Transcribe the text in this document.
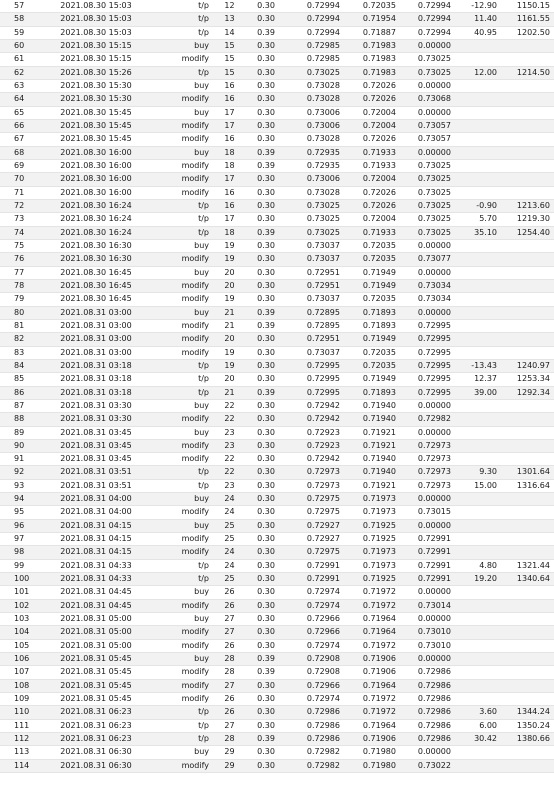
57	2021.08.30 15:03	t/p	12	0.30	0.72994	0.72035	0.72994	-12.90	1150.15
58	2021.08.30 15:03	t/p	13	0.30	0.72994	0.71954	0.72994	11.40	1161.55
59	2021.08.30 15:03	t/p	14	0.39	0.72994	0.71887	0.72994	40.95	1202.50
60	2021.08.30 15:15	buy	15	0.30	0.72985	0.71983	0.00000		
61	2021.08.30 15:15	modify	15	0.30	0.72985	0.71983	0.73025		
62	2021.08.30 15:26	t/p	15	0.30	0.73025	0.71983	0.73025	12.00	1214.50
63	2021.08.30 15:30	buy	16	0.30	0.73028	0.72026	0.00000		
64	2021.08.30 15:30	modify	16	0.30	0.73028	0.72026	0.73068		
65	2021.08.30 15:45	buy	17	0.30	0.73006	0.72004	0.00000		
66	2021.08.30 15:45	modify	17	0.30	0.73006	0.72004	0.73057		
67	2021.08.30 15:45	modify	16	0.30	0.73028	0.72026	0.73057		
68	2021.08.30 16:00	buy	18	0.39	0.72935	0.71933	0.00000		
69	2021.08.30 16:00	modify	18	0.39	0.72935	0.71933	0.73025		
70	2021.08.30 16:00	modify	17	0.30	0.73006	0.72004	0.73025		
71	2021.08.30 16:00	modify	16	0.30	0.73028	0.72026	0.73025		
72	2021.08.30 16:24	t/p	16	0.30	0.73025	0.72026	0.73025	-0.90	1213.60
73	2021.08.30 16:24	t/p	17	0.30	0.73025	0.72004	0.73025	5.70	1219.30
74	2021.08.30 16:24	t/p	18	0.39	0.73025	0.71933	0.73025	35.10	1254.40
75	2021.08.30 16:30	buy	19	0.30	0.73037	0.72035	0.00000		
76	2021.08.30 16:30	modify	19	0.30	0.73037	0.72035	0.73077		
77	2021.08.30 16:45	buy	20	0.30	0.72951	0.71949	0.00000		
78	2021.08.30 16:45	modify	20	0.30	0.72951	0.71949	0.73034		
79	2021.08.30 16:45	modify	19	0.30	0.73037	0.72035	0.73034		
80	2021.08.31 03:00	buy	21	0.39	0.72895	0.71893	0.00000		
81	2021.08.31 03:00	modify	21	0.39	0.72895	0.71893	0.72995		
82	2021.08.31 03:00	modify	20	0.30	0.72951	0.71949	0.72995		
83	2021.08.31 03:00	modify	19	0.30	0.73037	0.72035	0.72995		
84	2021.08.31 03:18	t/p	19	0.30	0.72995	0.72035	0.72995	-13.43	1240.97
85	2021.08.31 03:18	t/p	20	0.30	0.72995	0.71949	0.72995	12.37	1253.34
86	2021.08.31 03:18	t/p	21	0.39	0.72995	0.71893	0.72995	39.00	1292.34
87	2021.08.31 03:30	buy	22	0.30	0.72942	0.71940	0.00000		
88	2021.08.31 03:30	modify	22	0.30	0.72942	0.71940	0.72982		
89	2021.08.31 03:45	buy	23	0.30	0.72923	0.71921	0.00000		
90	2021.08.31 03:45	modify	23	0.30	0.72923	0.71921	0.72973		
91	2021.08.31 03:45	modify	22	0.30	0.72942	0.71940	0.72973		
92	2021.08.31 03:51	t/p	22	0.30	0.72973	0.71940	0.72973	9.30	1301.64
93	2021.08.31 03:51	t/p	23	0.30	0.72973	0.71921	0.72973	15.00	1316.64
94	2021.08.31 04:00	buy	24	0.30	0.72975	0.71973	0.00000		
95	2021.08.31 04:00	modify	24	0.30	0.72975	0.71973	0.73015		
96	2021.08.31 04:15	buy	25	0.30	0.72927	0.71925	0.00000		
97	2021.08.31 04:15	modify	25	0.30	0.72927	0.71925	0.72991		
98	2021.08.31 04:15	modify	24	0.30	0.72975	0.71973	0.72991		
99	2021.08.31 04:33	t/p	24	0.30	0.72991	0.71973	0.72991	4.80	1321.44
100	2021.08.31 04:33	t/p	25	0.30	0.72991	0.71925	0.72991	19.20	1340.64
101	2021.08.31 04:45	buy	26	0.30	0.72974	0.71972	0.00000		
102	2021.08.31 04:45	modify	26	0.30	0.72974	0.71972	0.73014		
103	2021.08.31 05:00	buy	27	0.30	0.72966	0.71964	0.00000		
104	2021.08.31 05:00	modify	27	0.30	0.72966	0.71964	0.73010		
105	2021.08.31 05:00	modify	26	0.30	0.72974	0.71972	0.73010		
106	2021.08.31 05:45	buy	28	0.39	0.72908	0.71906	0.00000		
107	2021.08.31 05:45	modify	28	0.39	0.72908	0.71906	0.72986		
108	2021.08.31 05:45	modify	27	0.30	0.72966	0.71964	0.72986		
109	2021.08.31 05:45	modify	26	0.30	0.72974	0.71972	0.72986		
110	2021.08.31 06:23	t/p	26	0.30	0.72986	0.71972	0.72986	3.60	1344.24
111	2021.08.31 06:23	t/p	27	0.30	0.72986	0.71964	0.72986	6.00	1350.24
112	2021.08.31 06:23	t/p	28	0.39	0.72986	0.71906	0.72986	30.42	1380.66
113	2021.08.31 06:30	buy	29	0.30	0.72982	0.71980	0.00000		
114	2021.08.31 06:30	modify	29	0.30	0.72982	0.71980	0.73022		
